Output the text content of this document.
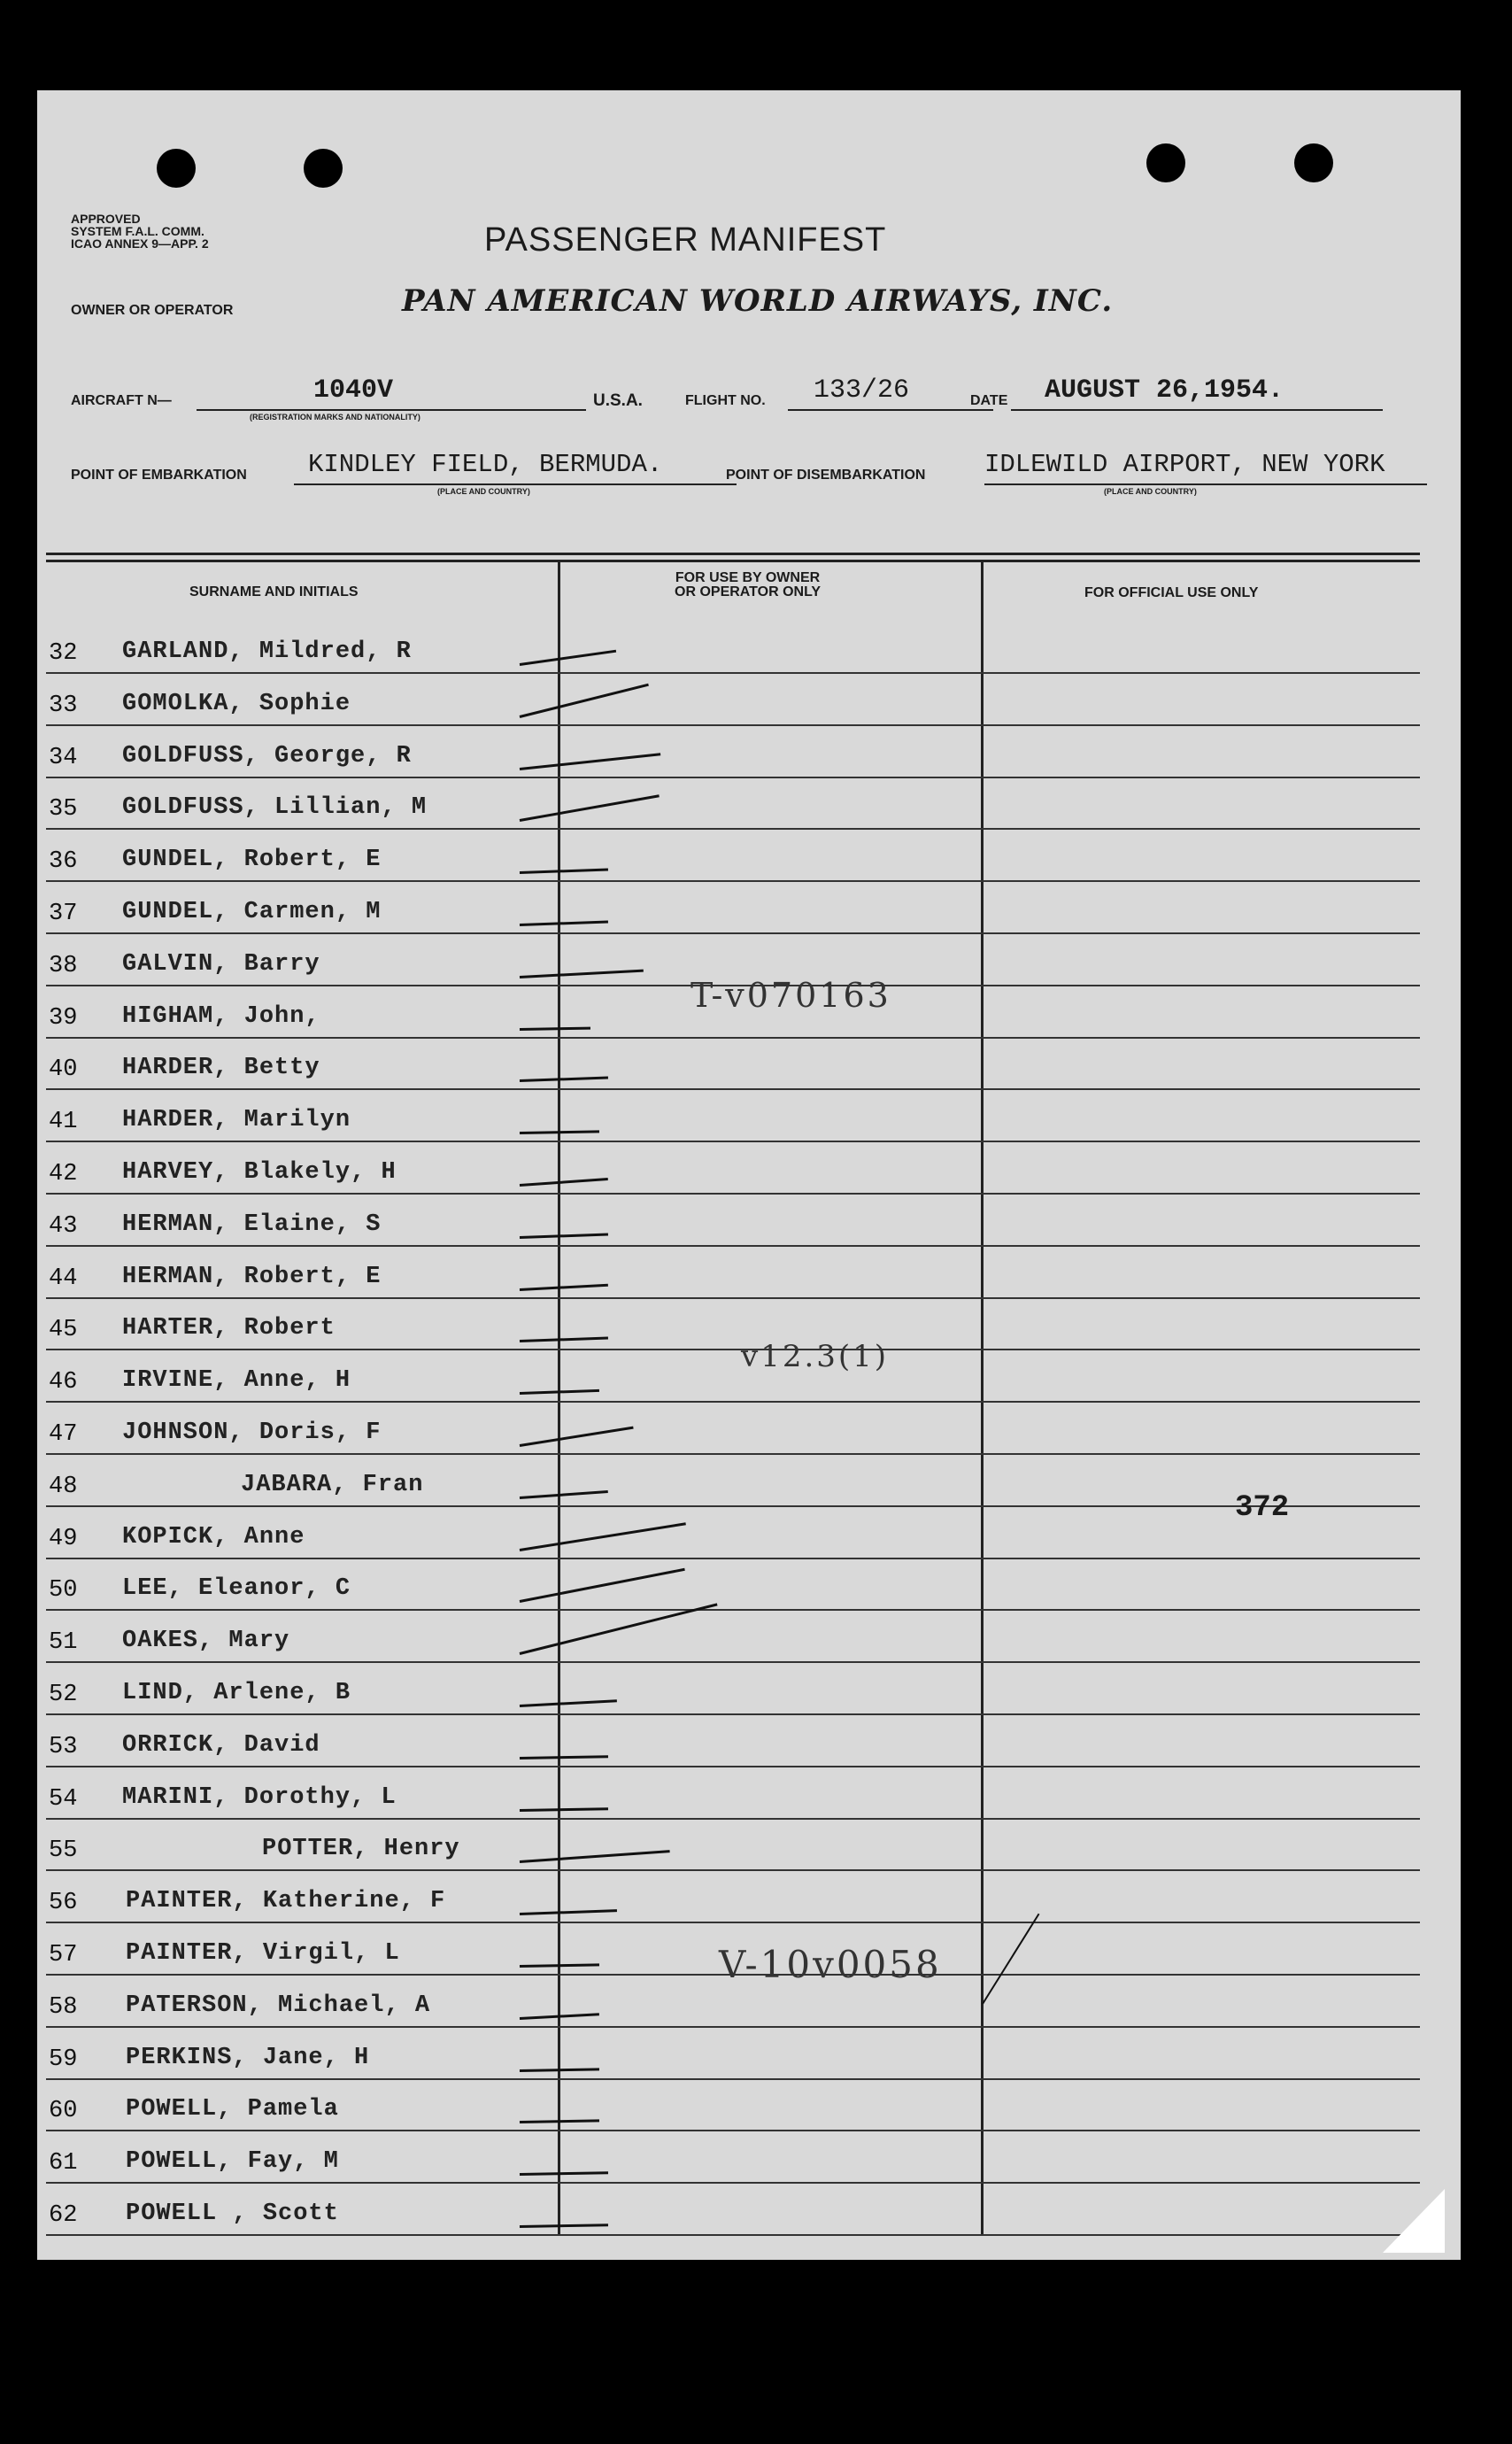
APPROVED
SYSTEM F.A.L. COMM.
ICAO ANNEX 9—APP. 2	PASSENGER MANIFEST
OWNER OR OPERATOR	PAN AMERICAN WORLD AIRWAYS, INC.
AIRCRAFT N—	1040V
(REGISTRATION MARKS AND NATIONALITY)
U.S.A.	FLIGHT NO. 133/26	DATE AUGUST 26,1954.
POINT OF EMBARKATION KINDLEY FIELD, BERMUDA.
(PLACE AND COUNTRY)
POINT OF DISEMBARKATION IDLEWILD AIRPORT, NEW YORK
(PLACE AND COUNTRY)
SURNAME AND INITIALS
FOR USE BY OWNER
OR OPERATOR ONLY	FOR OFFICIAL USE ONLY
32 GARLAND, Mildred, R
33 GOMOLKA, Sophie
34 GOLDFUSS, George, R
35 GOLDFUSS, Lillian, M
36 GUNDEL, Robert, E
37 GUNDEL, Carmen, M
38 GALVIN, Barry
39 HIGHAM, John,
40 HARDER, Betty
41 HARDER, Marilyn
42 HARVEY, Blakely, H
43 HERMAN, Elaine, S
44 HERMAN, Robert, E
45 HARTER, Robert
46 IRVINE, Anne, H
47 JOHNSON, Doris, F
48	JABARA, Fran
49 KOPICK, Anne
50 LEE, Eleanor, C
51 OAKES, Mary
52 LIND, Arlene, B
53 ORRICK, David
54 MARINI, Dorothy, L
55	POTTER, Henry
56 PAINTER, Katherine, F
57 PAINTER, Virgil, L
58 PATERSON, Michael, A
59 PERKINS, Jane, H
60 POWELL, Pamela
61 POWELL, Fay, M
62 POWELL , Scott
T-v070163
v12.3(1)
372
V-10v0058
